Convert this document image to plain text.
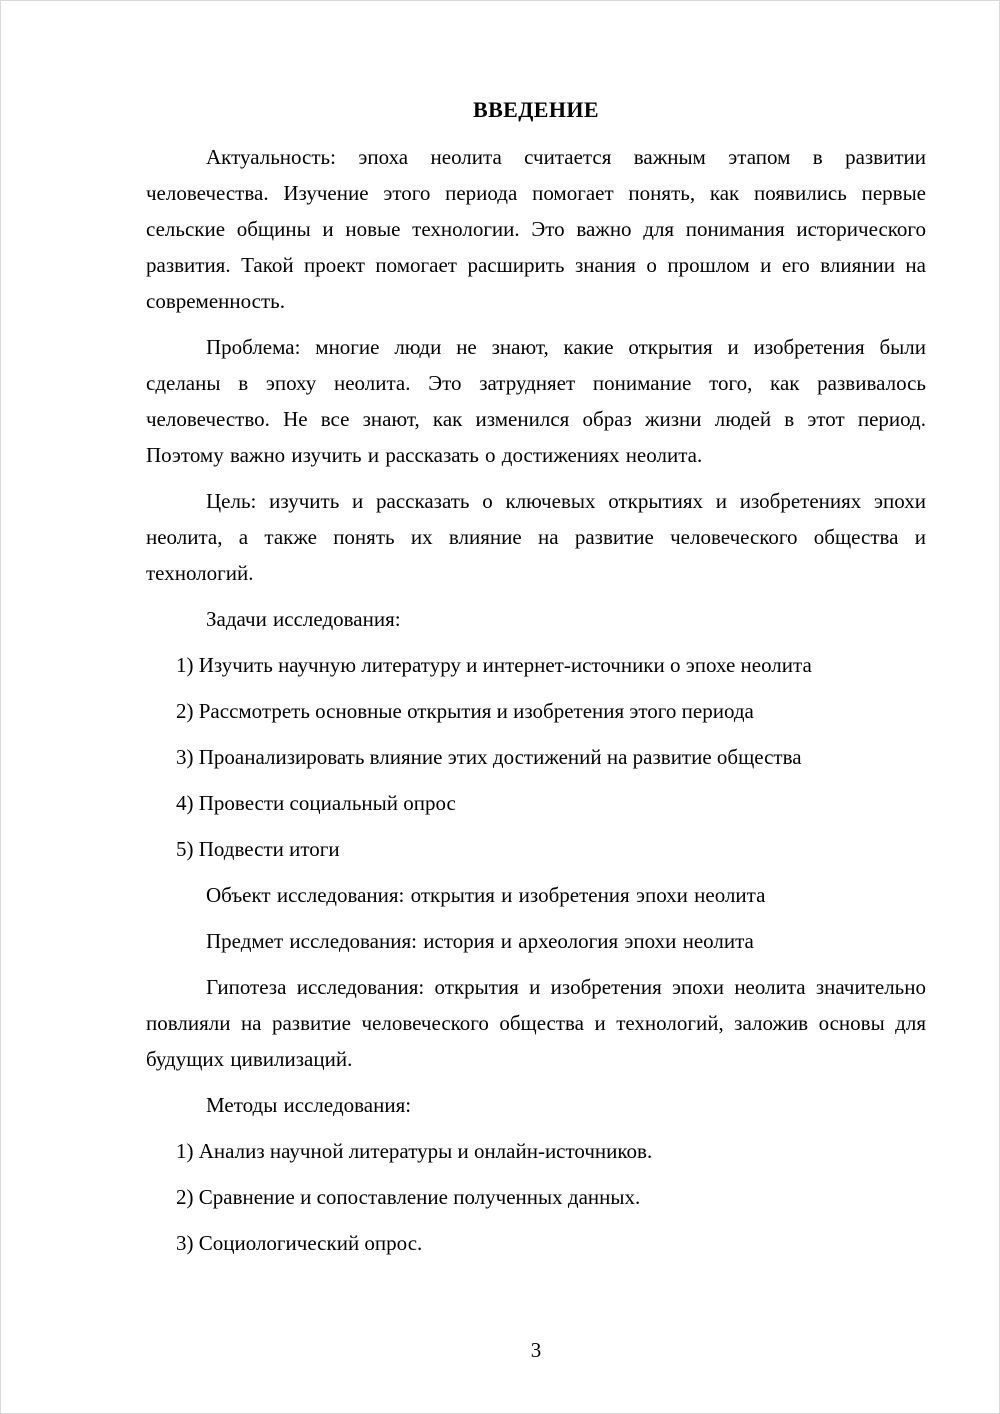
ВВЕДЕНИЕ

Актуальность: эпоха неолита считается важным этапом в развитии человечества. Изучение этого периода помогает понять, как появились первые сельские общины и новые технологии. Это важно для понимания исторического развития. Такой проект помогает расширить знания о прошлом и его влиянии на современность.

Проблема: многие люди не знают, какие открытия и изобретения были сделаны в эпоху неолита. Это затрудняет понимание того, как развивалось человечество. Не все знают, как изменился образ жизни людей в этот период. Поэтому важно изучить и рассказать о достижениях неолита.

Цель: изучить и рассказать о ключевых открытиях и изобретениях эпохи неолита, а также понять их влияние на развитие человеческого общества и технологий.

Задачи исследования:

1) Изучить научную литературу и интернет-источники о эпохе неолита

2) Рассмотреть основные открытия и изобретения этого периода

3) Проанализировать влияние этих достижений на развитие общества

4) Провести социальный опрос

5) Подвести итоги

Объект исследования: открытия и изобретения эпохи неолита

Предмет исследования: история и археология эпохи неолита

Гипотеза исследования: открытия и изобретения эпохи неолита значительно повлияли на развитие человеческого общества и технологий, заложив основы для будущих цивилизаций.

Методы исследования:

1) Анализ научной литературы и онлайн-источников.

2) Сравнение и сопоставление полученных данных.

3) Социологический опрос.

3
